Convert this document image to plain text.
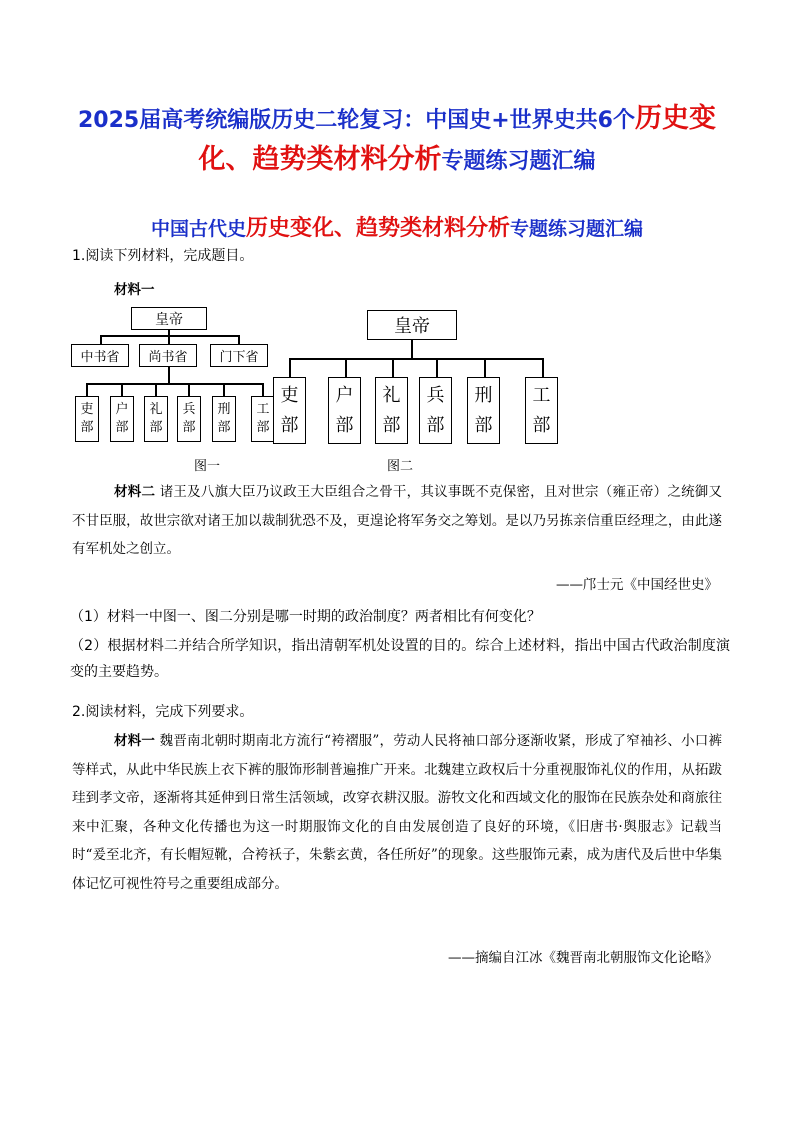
2025届高考统编版历史二轮复习：中国史+世界史共6个历史变化、趋势类材料分析专题练习题汇编
中国古代史历史变化、趋势类材料分析专题练习题汇编
1.阅读下列材料，完成题目。
材料一
皇帝
中书省	尚书省	门下省
吏
部
户
部
礼
部
兵
部
刑
部
工
部
图一
皇帝
吏
部
户
部
礼
部
兵
部
刑
部
工
部
图二
材料二 诸王及八旗大臣乃议政王大臣组合之骨干，其议事既不克保密，且对世宗（雍正帝）之统御又不甘臣服，故世宗欲对诸王加以裁制犹恐不及，更遑论将军务交之筹划。是以乃另拣亲信重臣经理之，由此遂有军机处之创立。
——邝士元《中国经世史》
（1）材料一中图一、图二分别是哪一时期的政治制度？两者相比有何变化？
（2）根据材料二并结合所学知识，指出清朝军机处设置的目的。综合上述材料，指出中国古代政治制度演变的主要趋势。
2.阅读材料，完成下列要求。
材料一 魏晋南北朝时期南北方流行“袴褶服”，劳动人民将袖口部分逐渐收紧，形成了窄袖衫、小口裤等样式，从此中华民族上衣下裤的服饰形制普遍推广开来。北魏建立政权后十分重视服饰礼仪的作用，从拓跋珪到孝文帝，逐渐将其延伸到日常生活领域，改穿衣耕汉服。游牧文化和西域文化的服饰在民族杂处和商旅往来中汇聚，各种文化传播也为这一时期服饰文化的自由发展创造了良好的环境，《旧唐书·舆服志》记载当时“爰至北齐，有长帽短靴，合袴袄子，朱紫玄黄，各任所好”的现象。这些服饰元素，成为唐代及后世中华集体记忆可视性符号之重要组成部分。
——摘编自江冰《魏晋南北朝服饰文化论略》
